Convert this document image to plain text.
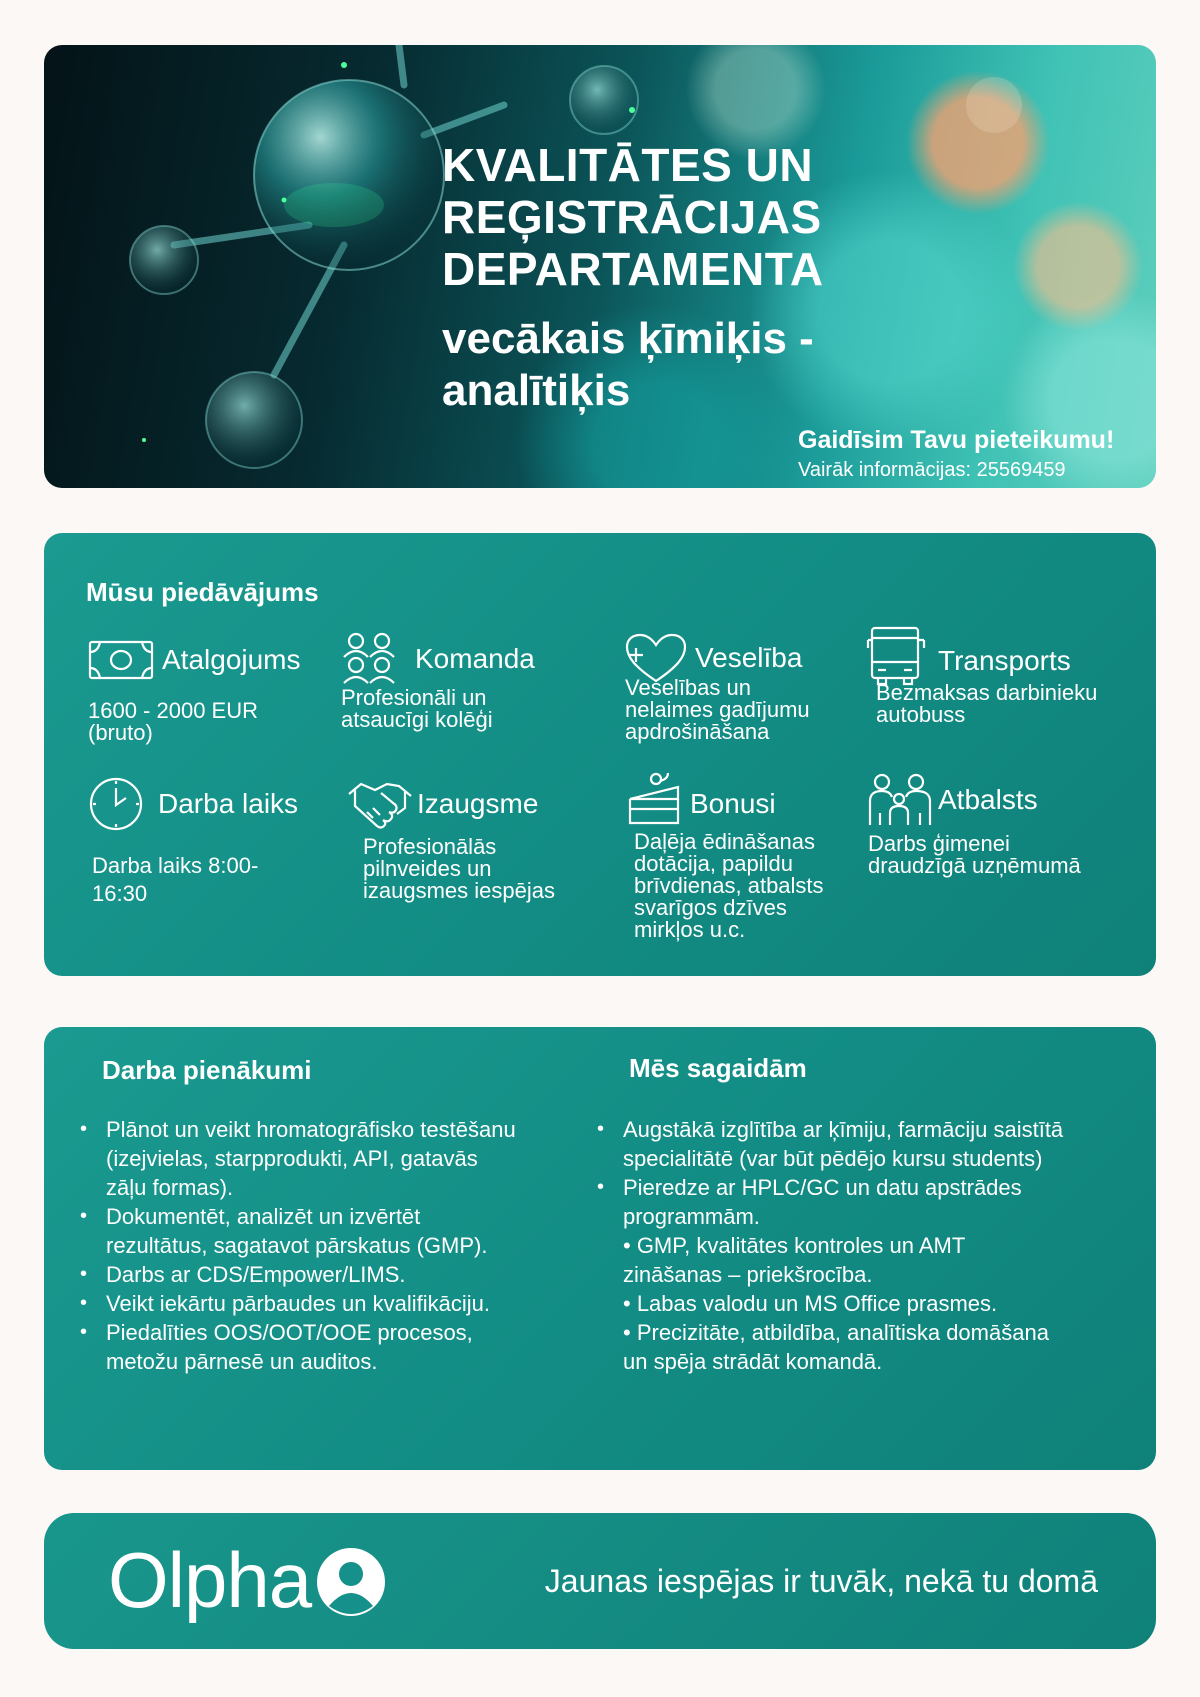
KVALITĀTES UN
REĢISTRĀCIJAS
DEPARTAMENTA
vecākais ķīmiķis -
analītiķis
Gaidīsim Tavu pieteikumu!
Vairāk informācijas: 25569459
Mūsu piedāvājums
Atalgojums
1600 - 2000 EUR
(bruto)
Komanda
Profesionāli un
atsaucīgi kolēģi
Veselība
Veselības un
nelaimes gadījumu
apdrošināšana
Transports
Bezmaksas darbinieku
autobuss
Darba laiks
Darba laiks 8:00-
16:30
Izaugsme
Profesionālās
pilnveides un
izaugsmes iespējas
Bonusi
Daļēja ēdināšanas
dotācija, papildu
brīvdienas, atbalsts
svarīgos dzīves
mirkļos u.c.
Atbalsts
Darbs ģimenei
draudzīgā uzņēmumā
Darba pienākumi
• Plānot un veikt hromatogrāfisko testēšanu
(izejvielas, starpprodukti, API, gatavās
zāļu formas).
• Dokumentēt, analizēt un izvērtēt
rezultātus, sagatavot pārskatus (GMP).
• Darbs ar CDS/Empower/LIMS.
• Veikt iekārtu pārbaudes un kvalifikāciju.
• Piedalīties OOS/OOT/OOE procesos,
metožu pārnesē un auditos.
Mēs sagaidām
• Augstākā izglītība ar ķīmiju, farmāciju saistītā
specialitātē (var būt pēdējo kursu students)
• Pieredze ar HPLC/GC un datu apstrādes
programmām.

• GMP, kvalitātes kontroles un AMT

zināšanas – priekšrocība.

• Labas valodu un MS Office prasmes.

• Precizitāte, atbildība, analītiska domāšana

un spēja strādāt komandā.

Olpha	Jaunas iespējas ir tuvāk, nekā tu domā
